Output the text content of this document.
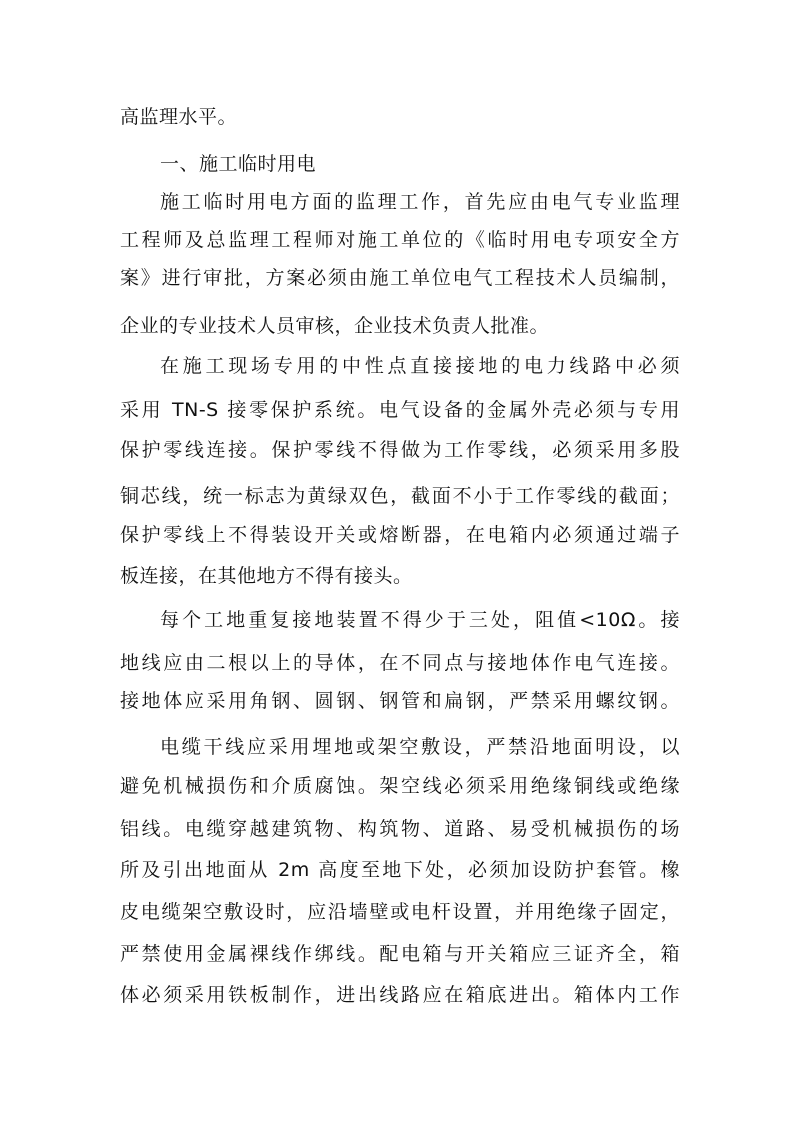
高监理水平。
一、施工临时用电
施工临时用电方面的监理工作，首先应由电气专业监理
工程师及总监理工程师对施工单位的《临时用电专项安全方
案》进行审批，方案必须由施工单位电气工程技术人员编制，
企业的专业技术人员审核，企业技术负责人批准。
在施工现场专用的中性点直接接地的电力线路中必须
采用 TN-S 接零保护系统。电气设备的金属外壳必须与专用
保护零线连接。保护零线不得做为工作零线，必须采用多股
铜芯线，统一标志为黄绿双色，截面不小于工作零线的截面；
保护零线上不得装设开关或熔断器，在电箱内必须通过端子
板连接，在其他地方不得有接头。
每个工地重复接地装置不得少于三处，阻值<10Ω。接
地线应由二根以上的导体，在不同点与接地体作电气连接。
接地体应采用角钢、圆钢、钢管和扁钢，严禁采用螺纹钢。
电缆干线应采用埋地或架空敷设，严禁沿地面明设，以
避免机械损伤和介质腐蚀。架空线必须采用绝缘铜线或绝缘
铝线。电缆穿越建筑物、构筑物、道路、易受机械损伤的场
所及引出地面从 2m 高度至地下处，必须加设防护套管。橡
皮电缆架空敷设时，应沿墙壁或电杆设置，并用绝缘子固定，
严禁使用金属裸线作绑线。配电箱与开关箱应三证齐全，箱
体必须采用铁板制作，进出线路应在箱底进出。箱体内工作
